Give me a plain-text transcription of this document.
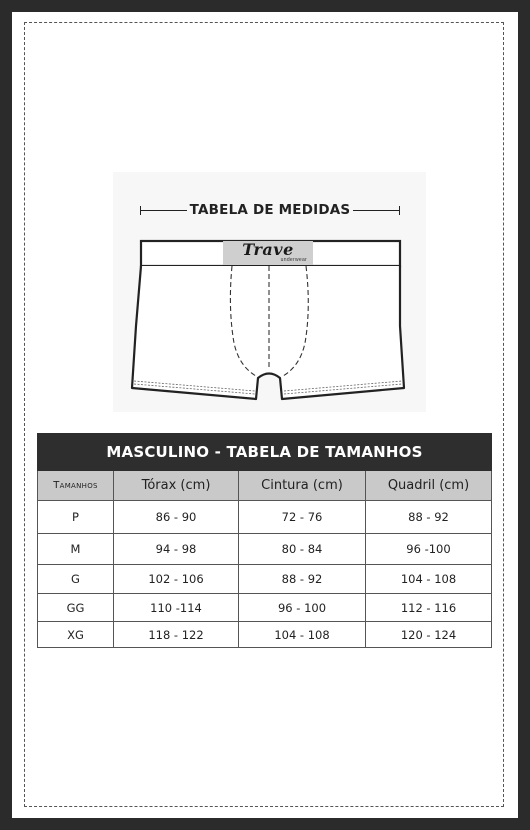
TABELA DE MEDIDAS
Trave
underwear
MASCULINO - TABELA DE TAMANHOS			
Tamanhos	Tórax (cm)	Cintura (cm)	Quadril (cm)
P	86 - 90	72 - 76	88 - 92
M	94 - 98	80 - 84	96 -100
G	102 - 106	88 - 92	104 - 108
GG	110 -114	96 - 100	112 - 116
XG	118 - 122	104 - 108	120 - 124
